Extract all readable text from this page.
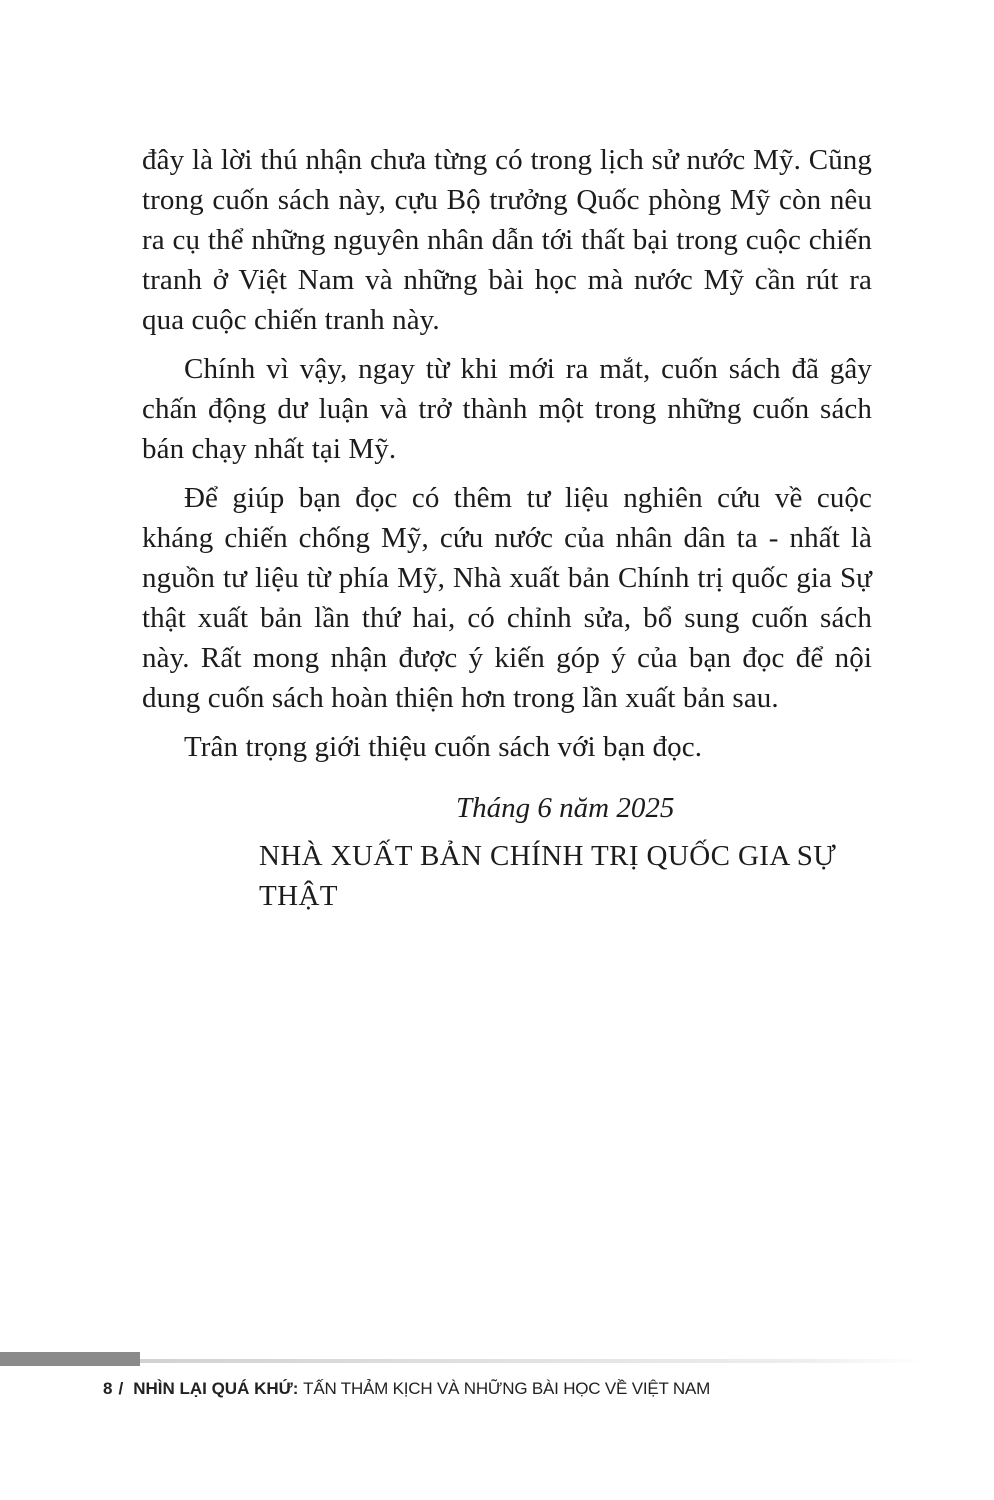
đây là lời thú nhận chưa từng có trong lịch sử nước Mỹ. Cũng trong cuốn sách này, cựu Bộ trưởng Quốc phòng Mỹ còn nêu ra cụ thể những nguyên nhân dẫn tới thất bại trong cuộc chiến tranh ở Việt Nam và những bài học mà nước Mỹ cần rút ra qua cuộc chiến tranh này.

Chính vì vậy, ngay từ khi mới ra mắt, cuốn sách đã gây chấn động dư luận và trở thành một trong những cuốn sách bán chạy nhất tại Mỹ.

Để giúp bạn đọc có thêm tư liệu nghiên cứu về cuộc kháng chiến chống Mỹ, cứu nước của nhân dân ta - nhất là nguồn tư liệu từ phía Mỹ, Nhà xuất bản Chính trị quốc gia Sự thật xuất bản lần thứ hai, có chỉnh sửa, bổ sung cuốn sách này. Rất mong nhận được ý kiến góp ý của bạn đọc để nội dung cuốn sách hoàn thiện hơn trong lần xuất bản sau.

Trân trọng giới thiệu cuốn sách với bạn đọc.

Tháng 6 năm 2025
NHÀ XUẤT BẢN CHÍNH TRỊ QUỐC GIA SỰ THẬT
8 / NHÌN LẠI QUÁ KHỨ: TẤN THẢM KỊCH VÀ NHỮNG BÀI HỌC VỀ VIỆT NAM
